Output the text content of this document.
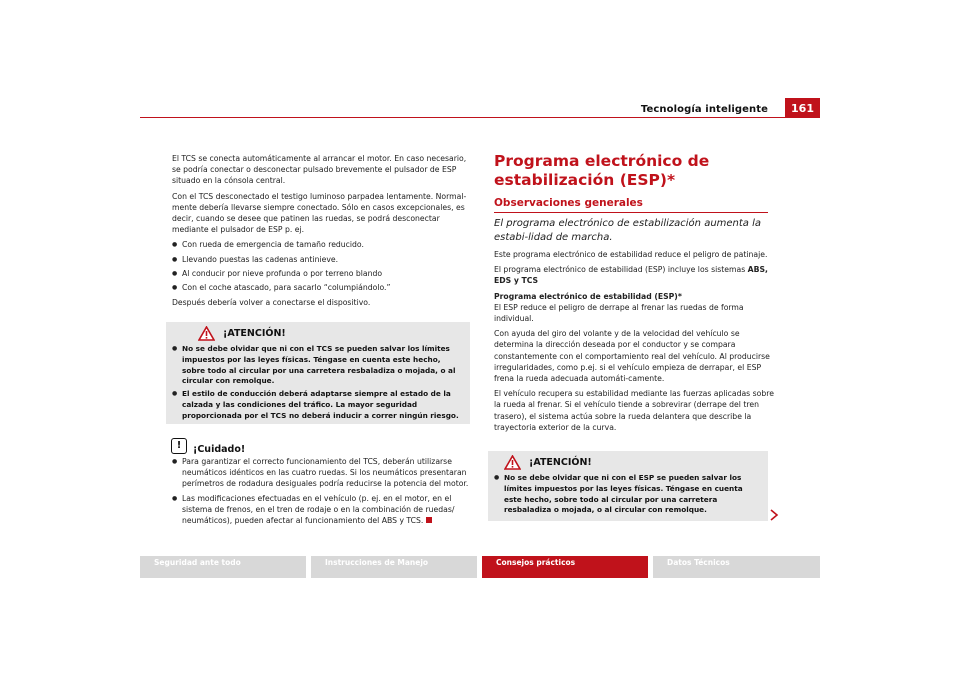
Tecnología inteligente	161

El TCS se conecta automáticamente al arrancar el motor. En caso necesario, se podría conectar o desconectar pulsado brevemente el pulsador de ESP situado en la cónsola central.

Con el TCS desconectado el testigo luminoso parpadea lentamente. Normal-mente debería llevarse siempre conectado. Sólo en casos excepcionales, es decir, cuando se desee que patinen las ruedas, se podrá desconectar mediante el pulsador de ESP p. ej.

● Con rueda de emergencia de tamaño reducido.

● Llevando puestas las cadenas antinieve.

● Al conducir por nieve profunda o por terreno blando

● Con el coche atascado, para sacarlo “columpiándolo.”

Después debería volver a conectarse el dispositivo.

¡ATENCIÓN!

● No se debe olvidar que ni con el TCS se pueden salvar los límites impuestos por las leyes físicas. Téngase en cuenta este hecho, sobre todo al circular por una carretera resbaladiza o mojada, o al circular con remolque.

● El estilo de conducción deberá adaptarse siempre al estado de la calzada y las condiciones del tráfico. La mayor seguridad proporcionada por el TCS no deberá inducir a correr ningún riesgo.

!	¡Cuidado!

● Para garantizar el correcto funcionamiento del TCS, deberán utilizarse neumáticos idénticos en las cuatro ruedas. Si los neumáticos presentaran perímetros de rodadura desiguales podría reducirse la potencia del motor.

● Las modificaciones efectuadas en el vehículo (p. ej. en el motor, en el sistema de frenos, en el tren de rodaje o en la combinación de ruedas/ neumáticos), pueden afectar al funcionamiento del ABS y TCS.

Programa electrónico de estabilización (ESP)*
Observaciones generales

El programa electrónico de estabilización aumenta la estabi-lidad de marcha.

Este programa electrónico de estabilidad reduce el peligro de patinaje.

El programa electrónico de estabilidad (ESP) incluye los sistemas ABS, EDS y TCS

Programa electrónico de estabilidad (ESP)*

El ESP reduce el peligro de derrape al frenar las ruedas de forma individual.

Con ayuda del giro del volante y de la velocidad del vehículo se determina la dirección deseada por el conductor y se compara constantemente con el comportamiento real del vehículo. Al producirse irregularidades, como p.ej. si el vehículo empieza de derrapar, el ESP frena la rueda adecuada automáti-camente.

El vehículo recupera su estabilidad mediante las fuerzas aplicadas sobre la rueda al frenar. Si el vehículo tiende a sobrevirar (derrape del tren trasero), el sistema actúa sobre la rueda delantera que describe la trayectoria exterior de la curva.

¡ATENCIÓN!

● No se debe olvidar que ni con el ESP se pueden salvar los límites impuestos por las leyes físicas. Téngase en cuenta este hecho, sobre todo al circular por una carretera resbaladiza o mojada, o al circular con remolque.

Seguridad ante todo	Instrucciones de Manejo	Consejos prácticos	Datos Técnicos
